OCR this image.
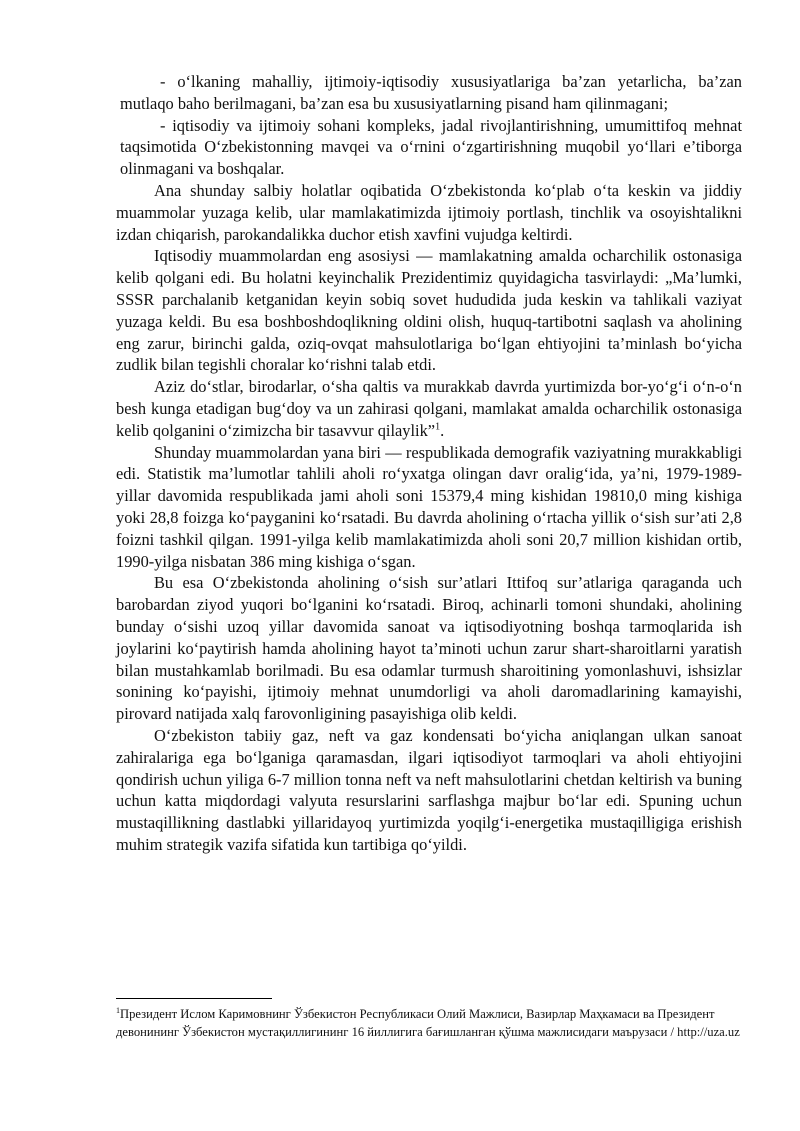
- o‘lkaning mahalliy, ijtimoiy-iqtisodiy xususiyatlariga ba’zan yetarlicha, ba’zan mutlaqo baho berilmagani, ba’zan esa bu xususiyatlarning pisand ham qilinmagani;

- iqtisodiy va ijtimoiy sohani kompleks, jadal rivojlantirishning, umumittifoq mehnat taqsimotida O‘zbekistonning mavqei va o‘rnini o‘zgartirishning muqobil yo‘llari e’tiborga olinmagani va boshqalar.

Ana shunday salbiy holatlar oqibatida O‘zbekistonda ko‘plab o‘ta keskin va jiddiy muammolar yuzaga kelib, ular mamlakatimizda ijtimoiy portlash, tinchlik va osoyishtalikni izdan chiqarish, parokandalikka duchor etish xavfini vujudga keltirdi.

Iqtisodiy muammolardan eng asosiysi — mamlakatning amalda ocharchilik ostonasiga kelib qolgani edi. Bu holatni keyinchalik Prezidentimiz quyidagicha tasvirlaydi: „Ma’lumki, SSSR parchalanib ketganidan keyin sobiq sovet hududida juda keskin va tahlikali vaziyat yuzaga keldi. Bu esa boshboshdoqlikning oldini olish, huquq-tartibotni saqlash va aholining eng zarur, birinchi galda, oziq-ovqat mahsulotlariga bo‘lgan ehtiyojini ta’minlash bo‘yicha zudlik bilan tegishli choralar ko‘rishni talab etdi.

Aziz do‘stlar, birodarlar, o‘sha qaltis va murakkab davrda yurtimizda bor-yo‘g‘i o‘n-o‘n besh kunga etadigan bug‘doy va un zahirasi qolgani, mamlakat amalda ocharchilik ostonasiga kelib qolganini o‘zimizcha bir tasavvur qilaylik”$^1$.

Shunday muammolardan yana biri — respublikada demografik vaziyatning murakkabligi edi. Statistik ma’lumotlar tahlili aholi ro‘yxatga olingan davr oralig‘ida, ya’ni, 1979-1989-yillar davomida respublikada jami aholi soni 15379,4 ming kishidan 19810,0 ming kishiga yoki 28,8 foizga ko‘payganini ko‘rsatadi. Bu davrda aholining o‘rtacha yillik o‘sish sur’ati 2,8 foizni tashkil qilgan. 1991-yilga kelib mamlakatimizda aholi soni 20,7 million kishidan ortib, 1990-yilga nisbatan 386 ming kishiga o‘sgan.

Bu esa O‘zbekistonda aholining o‘sish sur’atlari Ittifoq sur’atlariga qaraganda uch barobardan ziyod yuqori bo‘lganini ko‘rsatadi. Biroq, achinarli tomoni shundaki, aholining bunday o‘sishi uzoq yillar davomida sanoat va iqtisodiyotning boshqa tarmoqlarida ish joylarini ko‘paytirish hamda aholining hayot ta’minoti uchun zarur shart-sharoitlarni yaratish bilan mustahkamlab borilmadi. Bu esa odamlar turmush sharoitining yomonlashuvi, ishsizlar sonining ko‘payishi, ijtimoiy mehnat unumdorligi va aholi daromadlarining kamayishi, pirovard natijada xalq farovonligining pasayishiga olib keldi.

O‘zbekiston tabiiy gaz, neft va gaz kondensati bo‘yicha aniqlangan ulkan sanoat zahiralariga ega bo‘lganiga qaramasdan, ilgari iqtisodiyot tarmoqlari va aholi ehtiyojini qondirish uchun yiliga 6-7 million tonna neft va neft mahsulotlarini chetdan keltirish va buning uchun katta miqdordagi valyuta resurslarini sarflashga majbur bo‘lar edi. Spuning uchun mustaqillikning dastlabki yillaridayoq yurtimizda yoqilg‘i-energetika mustaqilligiga erishish muhim strategik vazifa sifatida kun tartibiga qo‘yildi.

$^1$Президент Ислом Каримовнинг Ўзбекистон Республикаси Олий Мажлиси, Вазирлар Маҳкамаси ва Президент девонининг Ўзбекистон мустақиллигининг 16 йиллигига бағишланган қўшма мажлисидаги маърузаси / http://uza.uz
